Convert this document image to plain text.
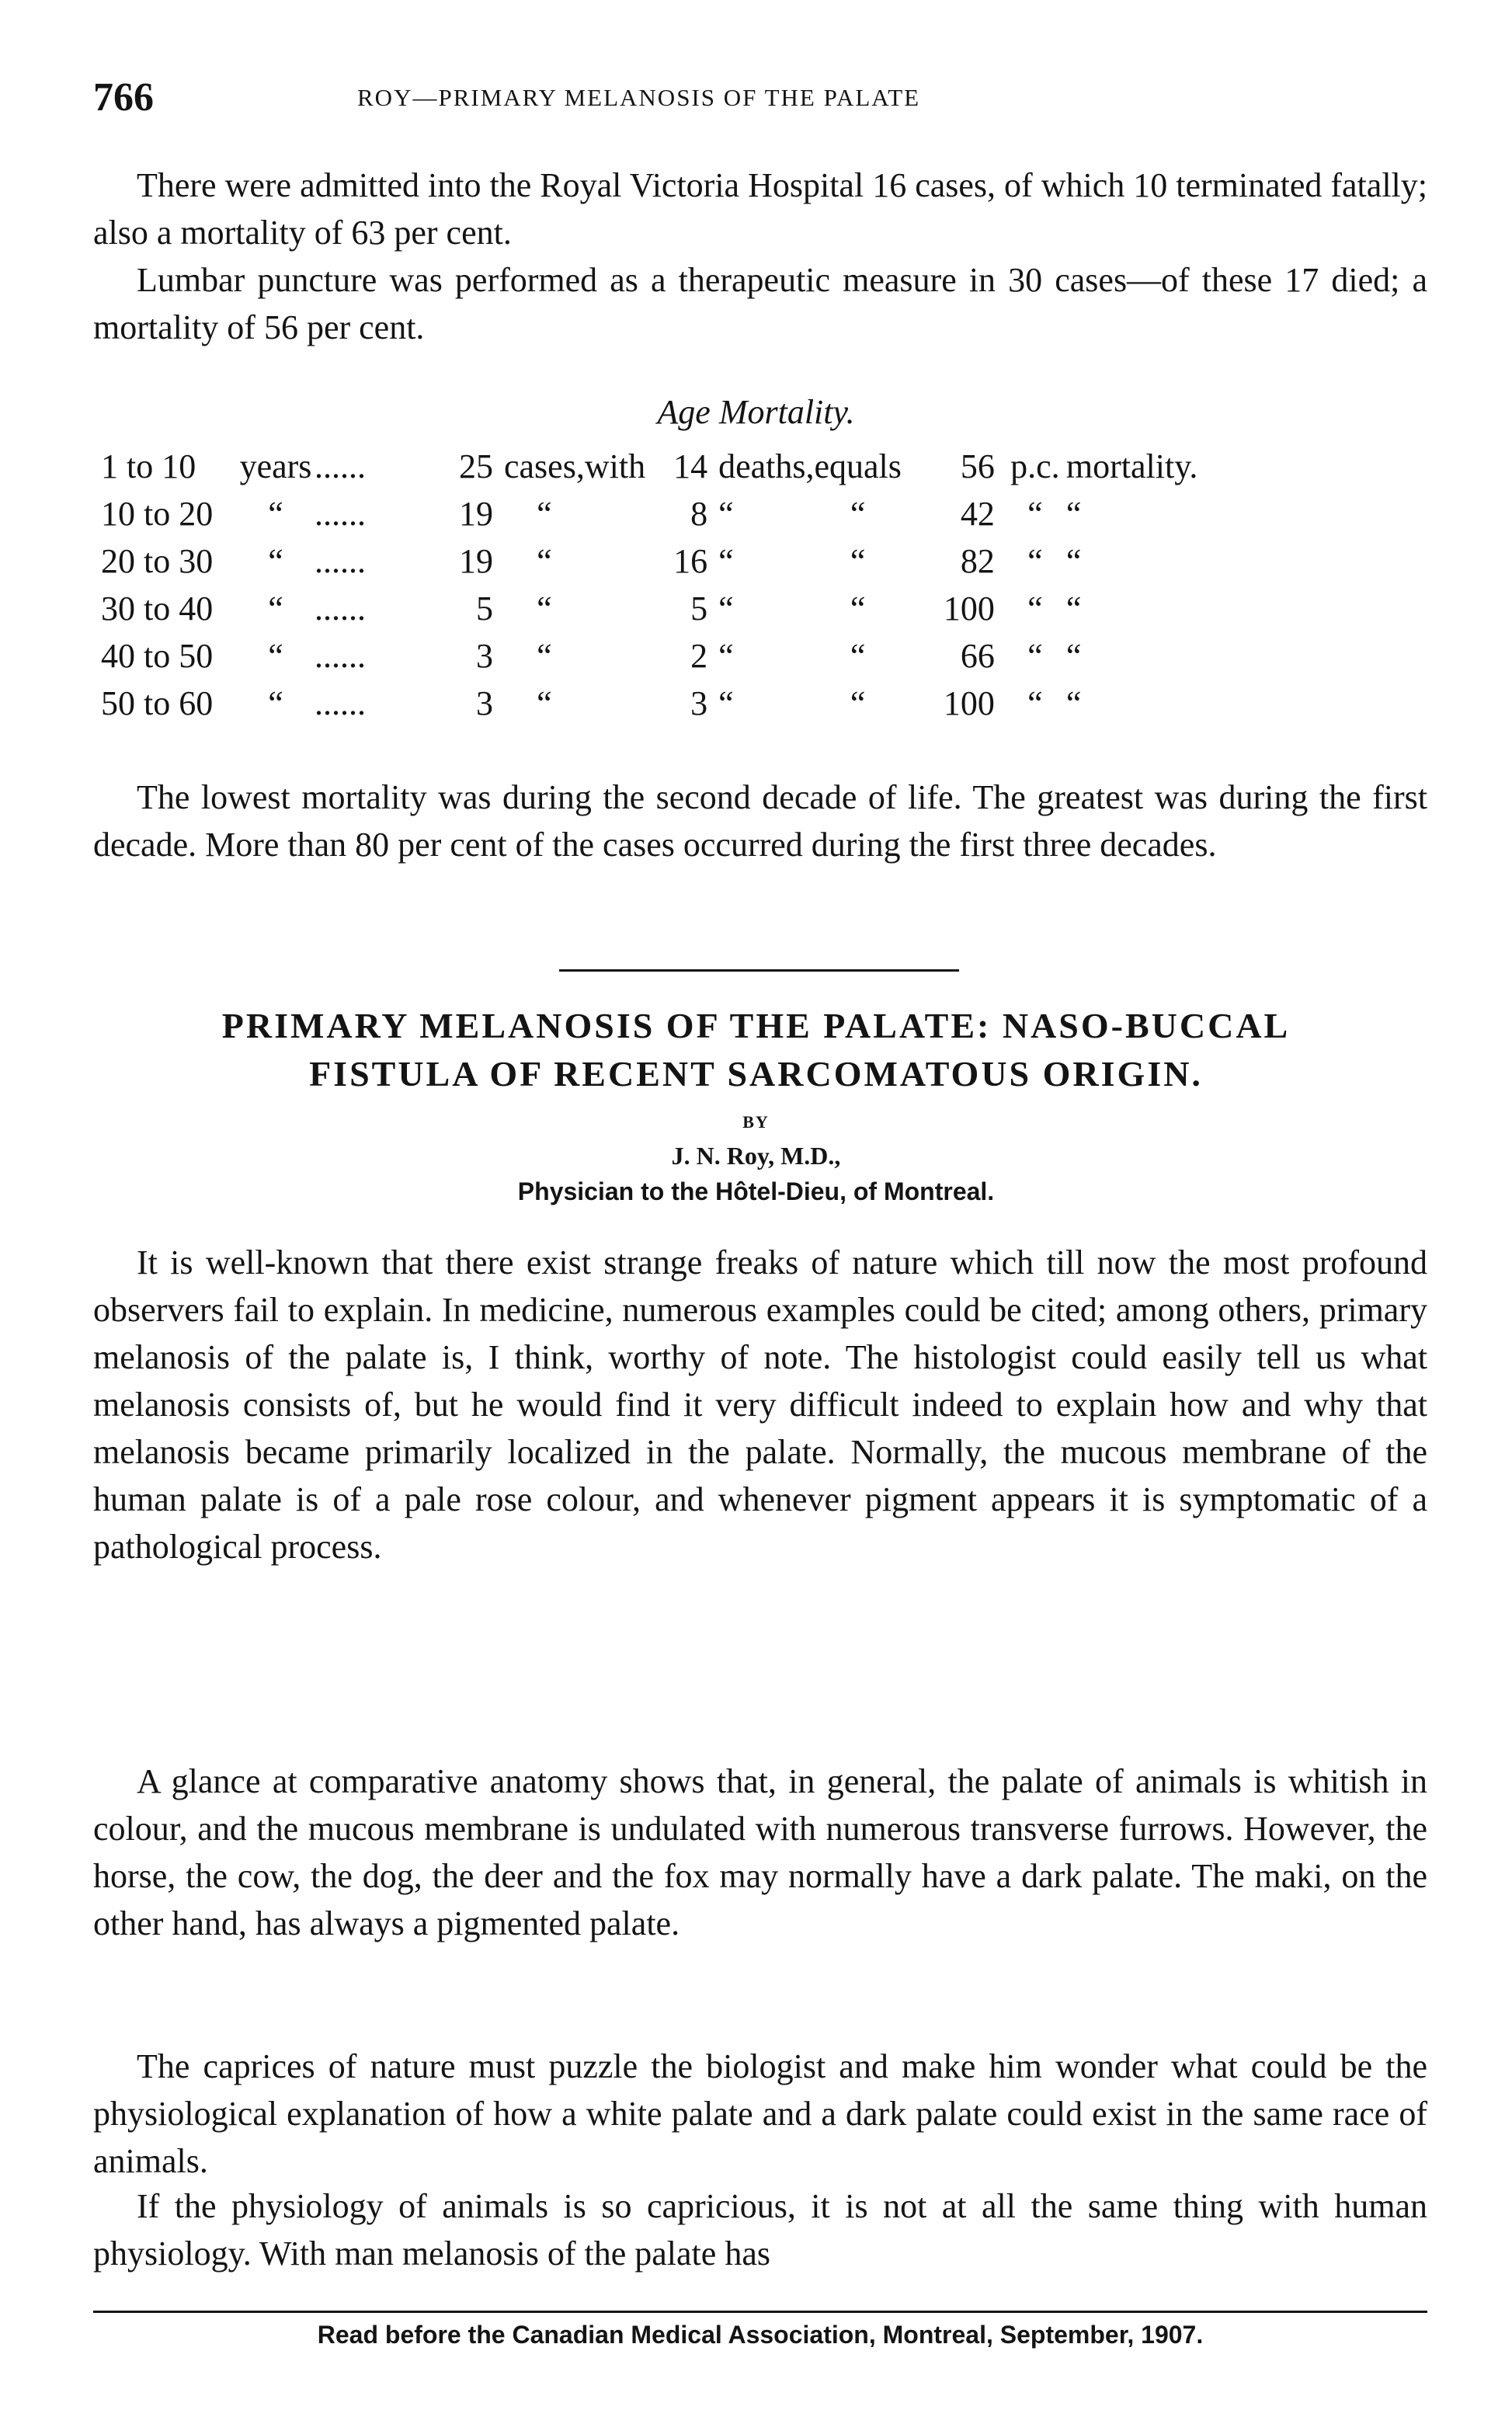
766	ROY—PRIMARY MELANOSIS OF THE PALATE

There were admitted into the Royal Victoria Hospital 16 cases, of which 10 terminated fatally; also a mortality of 63 per cent.

Lumbar puncture was performed as a therapeutic measure in 30 cases—of these 17 died; a mortality of 56 per cent.

Age Mortality.

1 to 10	years	......	25	cases,	with	14	deaths,	equals	56	p.c.	mortality.
10 to 20	“	......	19	“		8	“	“	42	“	“
20 to 30	“	......	19	“		16	“	“	82	“	“
30 to 40	“	......	5	“		5	“	“	100	“	“
40 to 50	“	......	3	“		2	“	“	66	“	“
50 to 60	“	......	3	“		3	“	“	100	“	“

The lowest mortality was during the second decade of life. The greatest was during the first decade. More than 80 per cent of the cases occurred during the first three decades.

PRIMARY MELANOSIS OF THE PALATE: NASO-BUCCAL
FISTULA OF RECENT SARCOMATOUS ORIGIN.
BY
J. N. Roy, M.D.,
Physician to the Hôtel-Dieu, of Montreal.

It is well-known that there exist strange freaks of nature which till now the most profound observers fail to explain. In medicine, numerous examples could be cited; among others, primary melanosis of the palate is, I think, worthy of note. The histologist could easily tell us what melanosis consists of, but he would find it very difficult indeed to explain how and why that melanosis became primarily localized in the palate. Normally, the mucous membrane of the human palate is of a pale rose colour, and whenever pigment appears it is symptomatic of a pathological process.

A glance at comparative anatomy shows that, in general, the palate of animals is whitish in colour, and the mucous membrane is undulated with numerous transverse furrows. However, the horse, the cow, the dog, the deer and the fox may normally have a dark palate. The maki, on the other hand, has always a pigmented palate.

The caprices of nature must puzzle the biologist and make him wonder what could be the physiological explanation of how a white palate and a dark palate could exist in the same race of animals.

If the physiology of animals is so capricious, it is not at all the same thing with human physiology. With man melanosis of the palate has

Read before the Canadian Medical Association, Montreal, September, 1907.
